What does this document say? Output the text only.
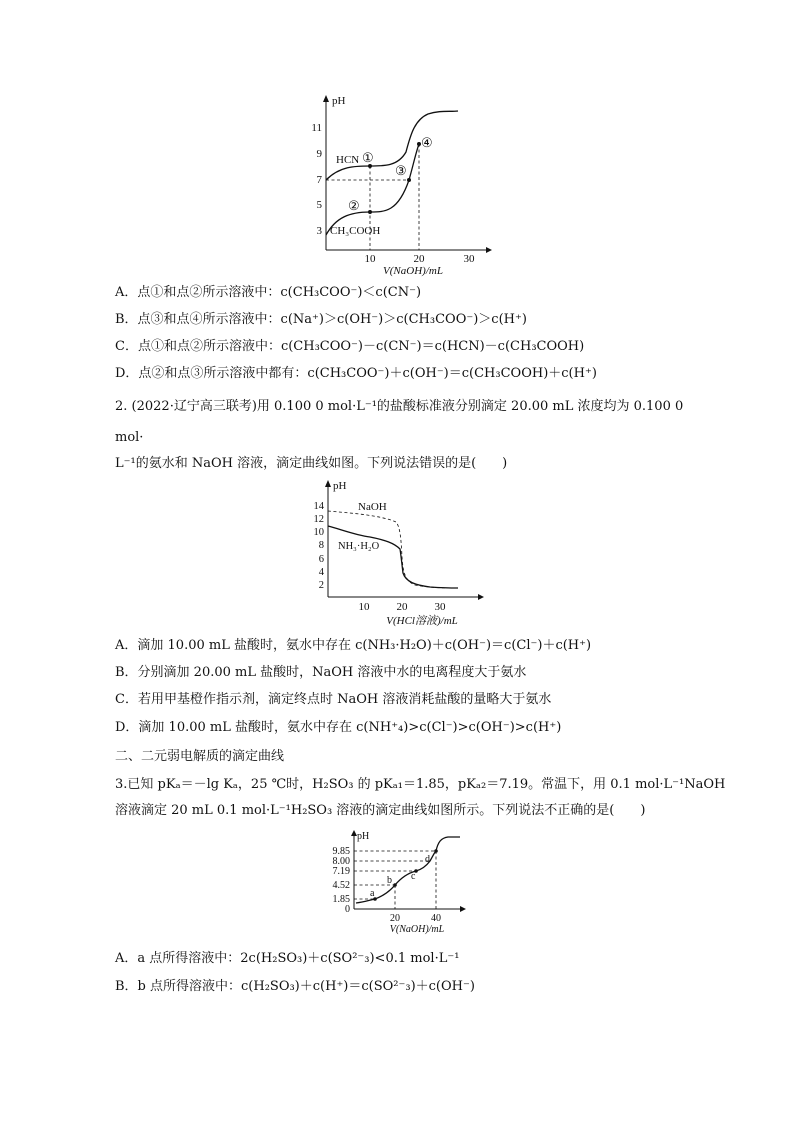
pH
3
5
7
9
11
10	20	30
V(NaOH)/mL
HCN ①
②
③
④
CH₃COOH
A．点①和点②所示溶液中：c(CH₃COO⁻)＜c(CN⁻)
B．点③和点④所示溶液中：c(Na⁺)＞c(OH⁻)＞c(CH₃COO⁻)＞c(H⁺)
C．点①和点②所示溶液中：c(CH₃COO⁻)－c(CN⁻)＝c(HCN)－c(CH₃COOH)
D．点②和点③所示溶液中都有：c(CH₃COO⁻)＋c(OH⁻)＝c(CH₃COOH)＋c(H⁺)
2. (2022·辽宁高三联考)用 0.100 0 mol·L⁻¹的盐酸标准液分别滴定 20.00 mL 浓度均为 0.100 0
mol·
L⁻¹的氨水和 NaOH 溶液，滴定曲线如图。下列说法错误的是(　　)
pH
2
4
6
8
10
12
14
10 20 30
V(HCl溶液)/mL
NaOH
NH₃·H₂O
A．滴加 10.00 mL 盐酸时，氨水中存在 c(NH₃·H₂O)＋c(OH⁻)＝c(Cl⁻)＋c(H⁺)
B．分别滴加 20.00 mL 盐酸时，NaOH 溶液中水的电离程度大于氨水
C．若用甲基橙作指示剂，滴定终点时 NaOH 溶液消耗盐酸的量略大于氨水
D．滴加 10.00 mL 盐酸时，氨水中存在 c(NH⁺₄)>c(Cl⁻)>c(OH⁻)>c(H⁺)
二、二元弱电解质的滴定曲线
3.已知 pKₐ＝－lg Kₐ，25 ℃时，H₂SO₃ 的 pKₐ₁＝1.85，pKₐ₂＝7.19。常温下，用 0.1 mol·L⁻¹NaOH
溶液滴定 20 mL 0.1 mol·L⁻¹H₂SO₃ 溶液的滴定曲线如图所示。下列说法不正确的是(　　)
pH
0
1.85
4.52
7.19
8.00
9.85
20	40
V(NaOH)/mL
a
b c
d
A．a 点所得溶液中：2c(H₂SO₃)＋c(SO²⁻₃)<0.1 mol·L⁻¹
B．b 点所得溶液中：c(H₂SO₃)＋c(H⁺)＝c(SO²⁻₃)＋c(OH⁻)
